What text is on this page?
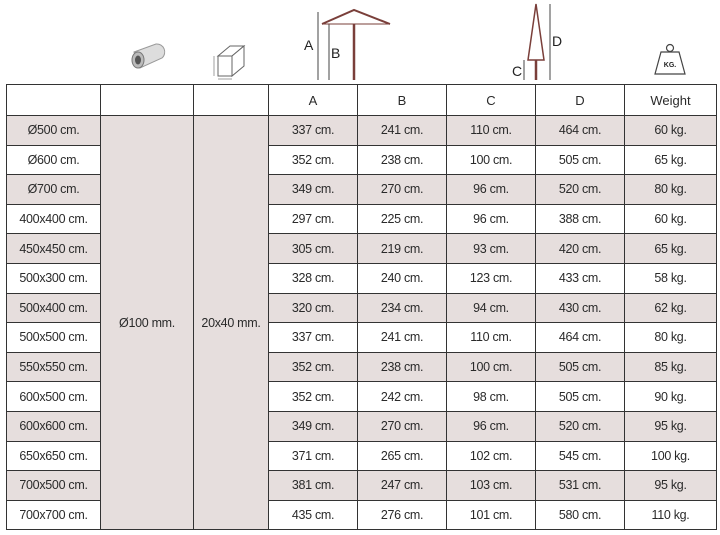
A B
D
C	KG.
			A	B	C	D	Weight
Ø500 cm.	Ø100 mm.	20x40 mm.	337 cm.	241 cm.	110 cm.	464 cm.	60 kg.
Ø600 cm.			352 cm.	238 cm.	100 cm.	505 cm.	65 kg.
Ø700 cm.			349 cm.	270 cm.	96 cm.	520 cm.	80 kg.
400x400 cm.			297 cm.	225 cm.	96 cm.	388 cm.	60 kg.
450x450 cm.			305 cm.	219 cm.	93 cm.	420 cm.	65 kg.
500x300 cm.			328 cm.	240 cm.	123 cm.	433 cm.	58 kg.
500x400 cm.			320 cm.	234 cm.	94 cm.	430 cm.	62 kg.
500x500 cm.			337 cm.	241 cm.	110 cm.	464 cm.	80 kg.
550x550 cm.			352 cm.	238 cm.	100 cm.	505 cm.	85 kg.
600x500 cm.			352 cm.	242 cm.	98 cm.	505 cm.	90 kg.
600x600 cm.			349 cm.	270 cm.	96 cm.	520 cm.	95 kg.
650x650 cm.			371 cm.	265 cm.	102 cm.	545 cm.	100 kg.
700x500 cm.			381 cm.	247 cm.	103 cm.	531 cm.	95 kg.
700x700 cm.			435 cm.	276 cm.	101 cm.	580 cm.	110 kg.
